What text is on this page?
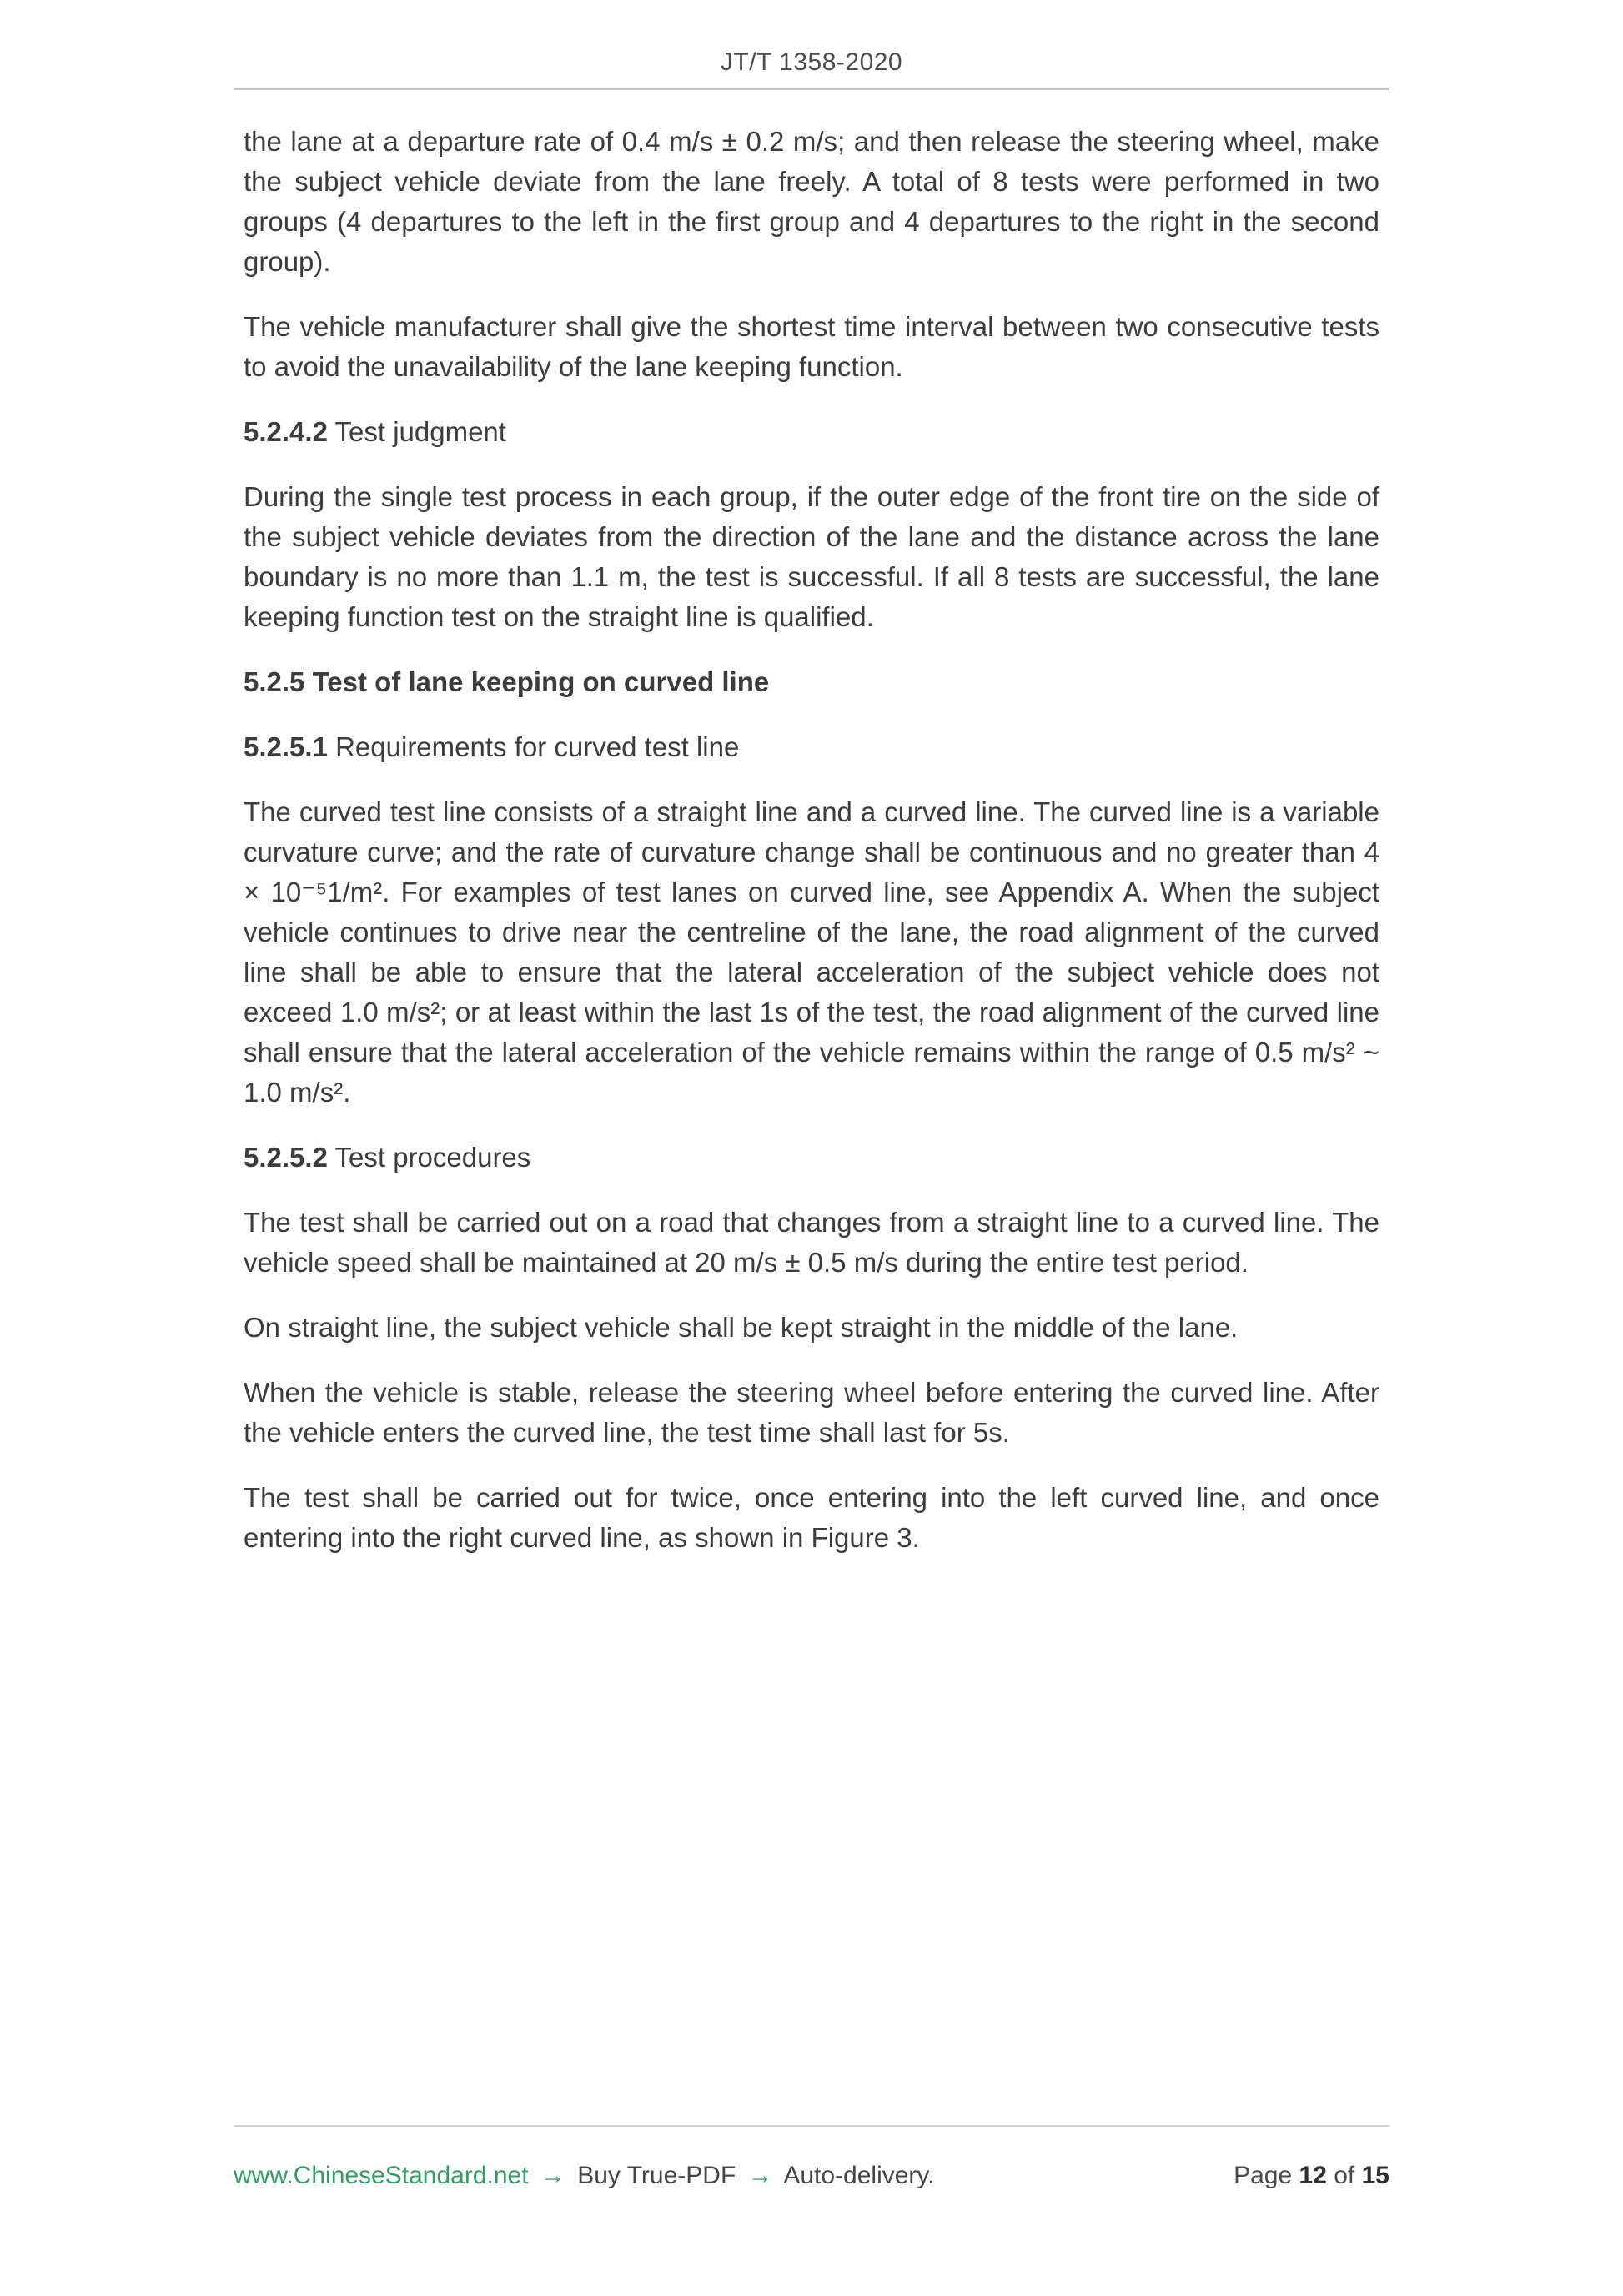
JT/T 1358-2020

the lane at a departure rate of 0.4 m/s ± 0.2 m/s; and then release the steering wheel, make the subject vehicle deviate from the lane freely. A total of 8 tests were performed in two groups (4 departures to the left in the first group and 4 departures to the right in the second group).

The vehicle manufacturer shall give the shortest time interval between two consecutive tests to avoid the unavailability of the lane keeping function.

5.2.4.2 Test judgment

During the single test process in each group, if the outer edge of the front tire on the side of the subject vehicle deviates from the direction of the lane and the distance across the lane boundary is no more than 1.1 m, the test is successful. If all 8 tests are successful, the lane keeping function test on the straight line is qualified.

5.2.5 Test of lane keeping on curved line

5.2.5.1 Requirements for curved test line

The curved test line consists of a straight line and a curved line. The curved line is a variable curvature curve; and the rate of curvature change shall be continuous and no greater than 4 × 10⁻⁵1/m². For examples of test lanes on curved line, see Appendix A. When the subject vehicle continues to drive near the centreline of the lane, the road alignment of the curved line shall be able to ensure that the lateral acceleration of the subject vehicle does not exceed 1.0 m/s²; or at least within the last 1s of the test, the road alignment of the curved line shall ensure that the lateral acceleration of the vehicle remains within the range of 0.5 m/s² ~ 1.0 m/s².

5.2.5.2 Test procedures

The test shall be carried out on a road that changes from a straight line to a curved line. The vehicle speed shall be maintained at 20 m/s ± 0.5 m/s during the entire test period.

On straight line, the subject vehicle shall be kept straight in the middle of the lane.

When the vehicle is stable, release the steering wheel before entering the curved line. After the vehicle enters the curved line, the test time shall last for 5s.

The test shall be carried out for twice, once entering into the left curved line, and once entering into the right curved line, as shown in Figure 3.

www.ChineseStandard.net → Buy True-PDF → Auto-delivery.	Page 12 of 15
